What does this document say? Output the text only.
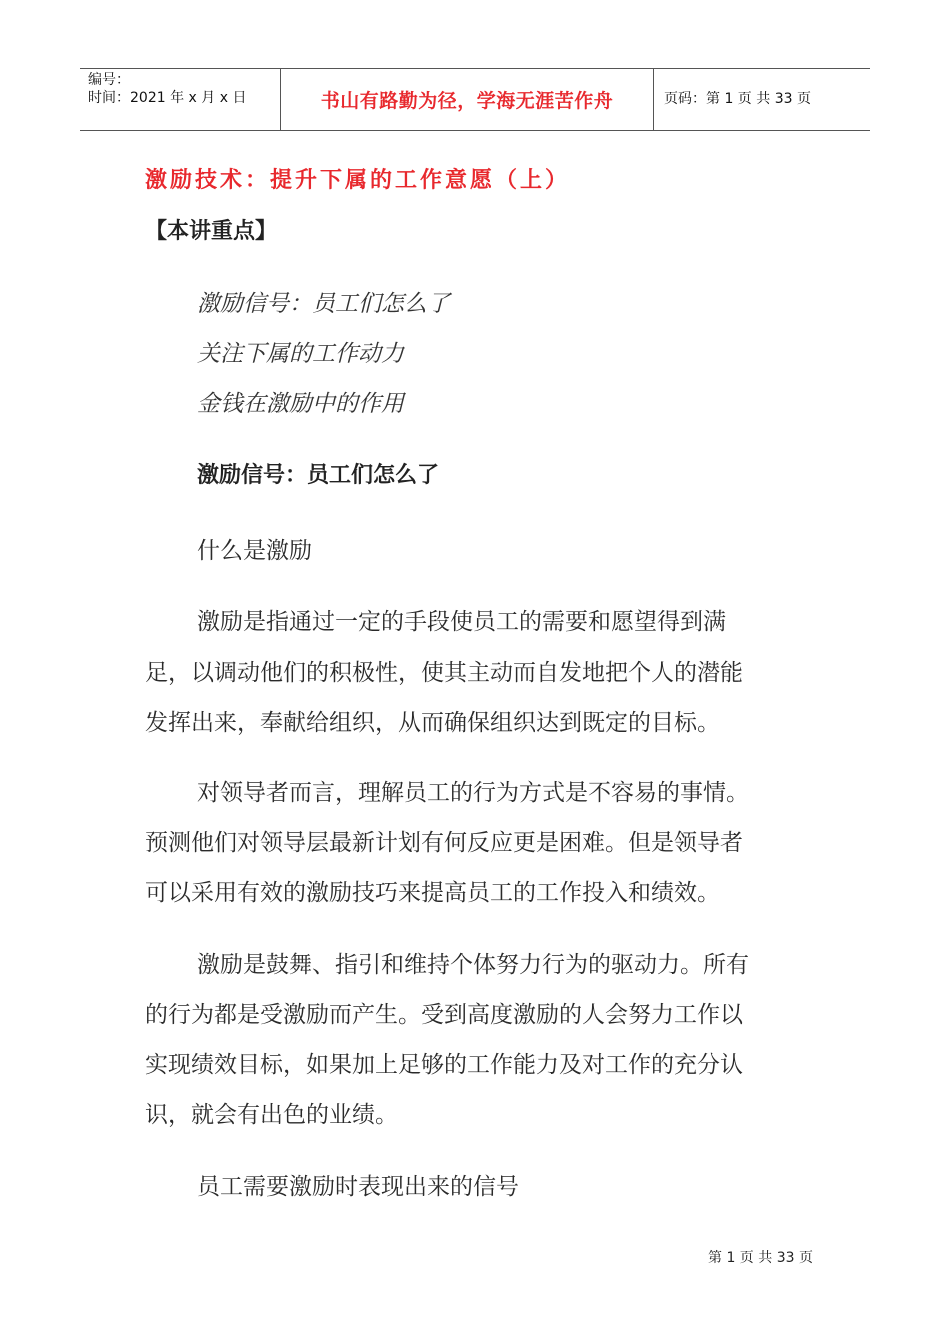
编号：
时间：2021 年 x 月 x 日	书山有路勤为径，学海无涯苦作舟	页码：第 1 页 共 33 页
激励技术：提升下属的工作意愿（上）
【本讲重点】
激励信号：员工们怎么了
关注下属的工作动力
金钱在激励中的作用
激励信号：员工们怎么了
什么是激励
激励是指通过一定的手段使员工的需要和愿望得到满
足，以调动他们的积极性，使其主动而自发地把个人的潜能
发挥出来，奉献给组织，从而确保组织达到既定的目标。
对领导者而言，理解员工的行为方式是不容易的事情。
预测他们对领导层最新计划有何反应更是困难。但是领导者
可以采用有效的激励技巧来提高员工的工作投入和绩效。
激励是鼓舞、指引和维持个体努力行为的驱动力。所有
的行为都是受激励而产生。受到高度激励的人会努力工作以
实现绩效目标，如果加上足够的工作能力及对工作的充分认
识，就会有出色的业绩。
员工需要激励时表现出来的信号
第 1 页 共 33 页
